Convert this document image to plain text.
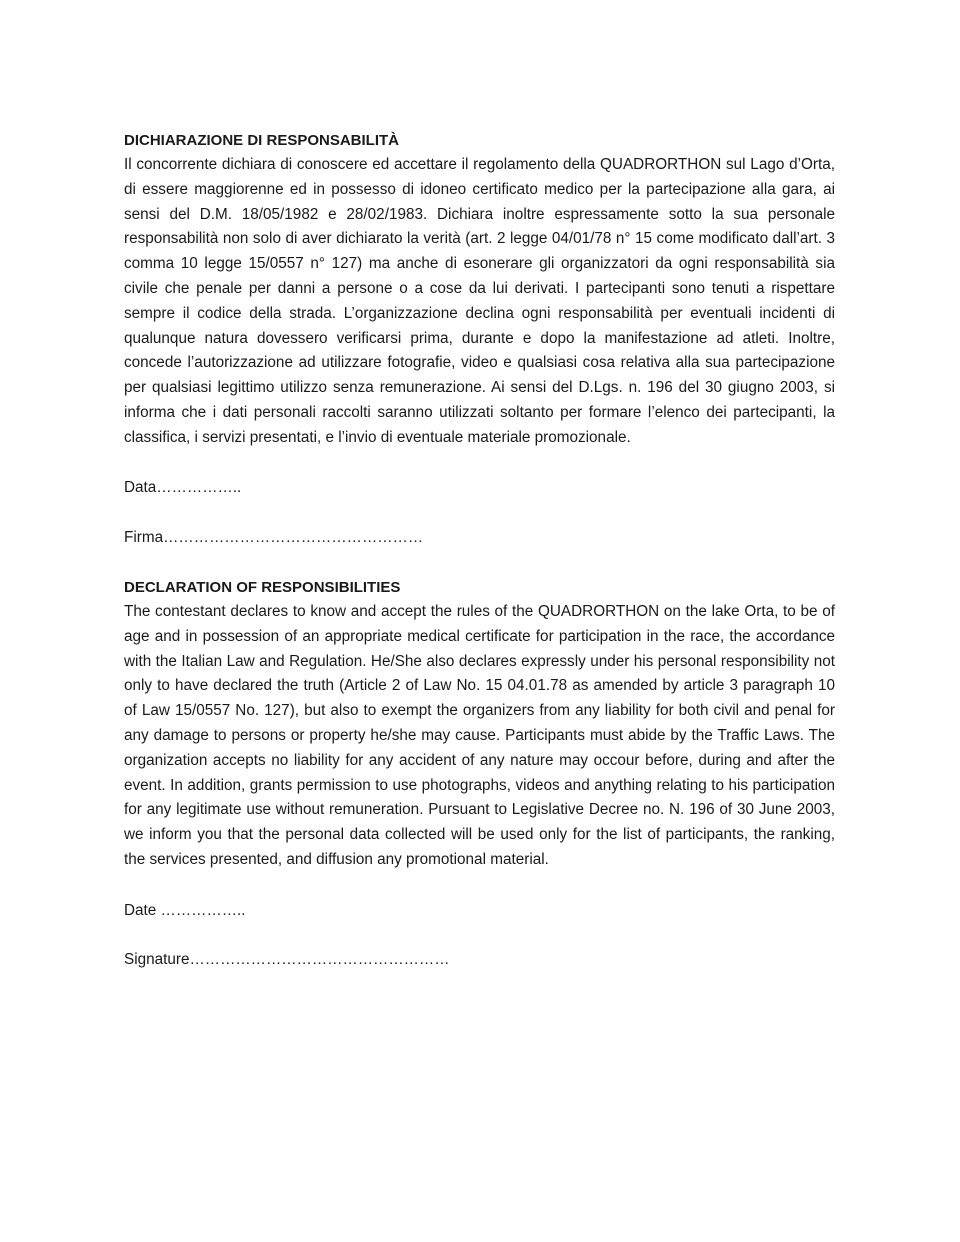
DICHIARAZIONE DI RESPONSABILITÀ

Il concorrente dichiara di conoscere ed accettare il regolamento della QUADRORTHON sul Lago d’Orta, di essere maggiorenne ed in possesso di idoneo certificato medico per la partecipazione alla gara, ai sensi del D.M. 18/05/1982 e 28/02/1983. Dichiara inoltre espressamente sotto la sua personale responsabilità non solo di aver dichiarato la verità (art. 2 legge 04/01/78 n° 15 come modificato dall’art. 3 comma 10 legge 15/0557 n° 127) ma anche di esonerare gli organizzatori da ogni responsabilità sia civile che penale per danni a persone o a cose da lui derivati. I partecipanti sono tenuti a rispettare sempre il codice della strada. L’organizzazione declina ogni responsabilità per eventuali incidenti di qualunque natura dovessero verificarsi prima, durante e dopo la manifestazione ad atleti. Inoltre, concede l’autorizzazione ad utilizzare fotografie, video e qualsiasi cosa relativa alla sua partecipazione per qualsiasi legittimo utilizzo senza remunerazione. Ai sensi del D.Lgs. n. 196 del 30 giugno 2003, si informa che i dati personali raccolti saranno utilizzati soltanto per formare l’elenco dei partecipanti, la classifica, i servizi presentati, e l’invio di eventuale materiale promozionale.

Data……………..

Firma……………………………………………

DECLARATION OF RESPONSIBILITIES

The contestant declares to know and accept the rules of the QUADRORTHON on the lake Orta, to be of age and in possession of an appropriate medical certificate for participation in the race, the accordance with the Italian Law and Regulation. He/She also declares expressly under his personal responsibility not only to have declared the truth (Article 2 of Law No. 15 04.01.78 as amended by article 3 paragraph 10 of Law 15/0557 No. 127), but also to exempt the organizers from any liability for both civil and penal for any damage to persons or property he/she may cause. Participants must abide by the Traffic Laws. The organization accepts no liability for any accident of any nature may occour before, during and after the event. In addition, grants permission to use photographs, videos and anything relating to his participation for any legitimate use without remuneration. Pursuant to Legislative Decree no. N. 196 of 30 June 2003, we inform you that the personal data collected will be used only for the list of participants, the ranking, the services presented, and diffusion any promotional material.

Date ……………..

Signature……………………………………………
